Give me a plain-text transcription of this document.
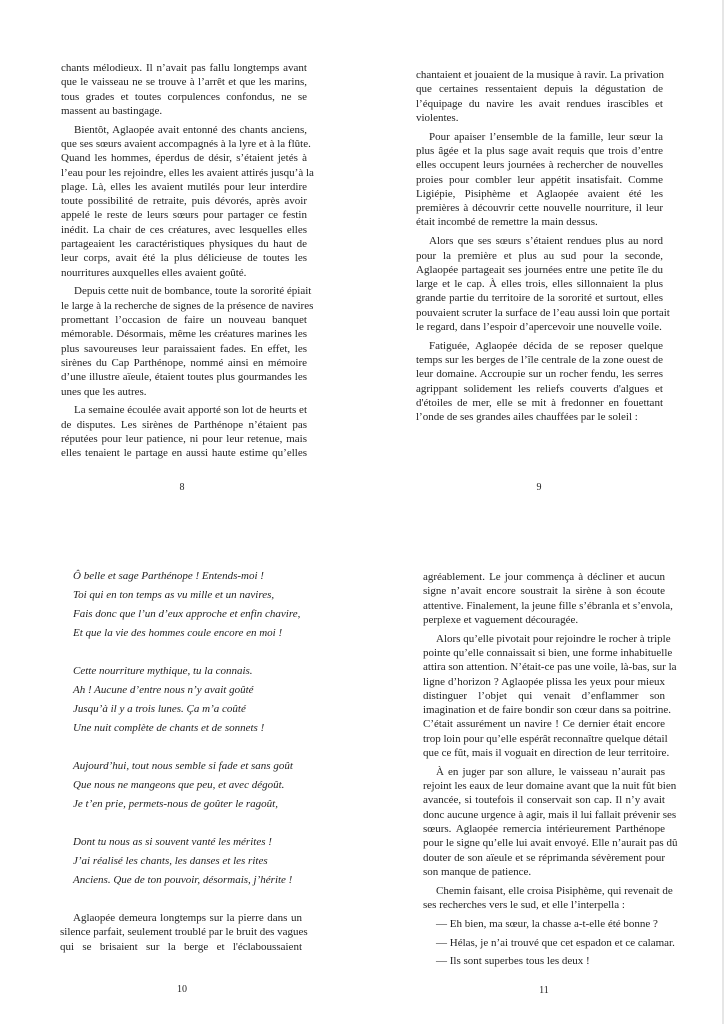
chants mélodieux. Il n’avait pas fallu longtemps avant
que le vaisseau ne se trouve à l’arrêt et que les marins,
tous grades et toutes corpulences confondus, ne se
massent au bastingage.
Bientôt, Aglaopée avait entonné des chants anciens,
que ses sœurs avaient accompagnés à la lyre et à la flûte.
Quand les hommes, éperdus de désir, s’étaient jetés à
l’eau pour les rejoindre, elles les avaient attirés jusqu’à la
plage. Là, elles les avaient mutilés pour leur interdire
toute possibilité de retraite, puis dévorés, après avoir
appelé le reste de leurs sœurs pour partager ce festin
inédit. La chair de ces créatures, avec lesquelles elles
partageaient les caractéristiques physiques du haut de
leur corps, avait été la plus délicieuse de toutes les
nourritures auxquelles elles avaient goûté.
Depuis cette nuit de bombance, toute la sororité épiait
le large à la recherche de signes de la présence de navires
promettant l’occasion de faire un nouveau banquet
mémorable. Désormais, même les créatures marines les
plus savoureuses leur paraissaient fades. En effet, les
sirènes du Cap Parthénope, nommé ainsi en mémoire
d’une illustre aïeule, étaient toutes plus gourmandes les
unes que les autres.
La semaine écoulée avait apporté son lot de heurts et
de disputes. Les sirènes de Parthénope n’étaient pas
réputées pour leur patience, ni pour leur retenue, mais
elles tenaient le partage en aussi haute estime qu’elles
8
chantaient et jouaient de la musique à ravir. La privation
que certaines ressentaient depuis la dégustation de
l’équipage du navire les avait rendues irascibles et
violentes.
Pour apaiser l’ensemble de la famille, leur sœur la
plus âgée et la plus sage avait requis que trois d’entre
elles occupent leurs journées à rechercher de nouvelles
proies pour combler leur appétit insatisfait. Comme
Ligiépie, Pisiphème et Aglaopée avaient été les
premières à découvrir cette nouvelle nourriture, il leur
était incombé de remettre la main dessus.
Alors que ses sœurs s’étaient rendues plus au nord
pour la première et plus au sud pour la seconde,
Aglaopée partageait ses journées entre une petite île du
large et le cap. À elles trois, elles sillonnaient la plus
grande partie du territoire de la sororité et surtout, elles
pouvaient scruter la surface de l’eau aussi loin que portait
le regard, dans l’espoir d’apercevoir une nouvelle voile.
Fatiguée, Aglaopée décida de se reposer quelque
temps sur les berges de l’île centrale de la zone ouest de
leur domaine. Accroupie sur un rocher fendu, les serres
agrippant solidement les reliefs couverts d'algues et
d'étoiles de mer, elle se mit à fredonner en fouettant
l’onde de ses grandes ailes chauffées par le soleil :
9
Ô belle et sage Parthénope ! Entends-moi !
Toi qui en ton temps as vu mille et un navires,
Fais donc que l’un d’eux approche et enfin chavire,
Et que la vie des hommes coule encore en moi !
Cette nourriture mythique, tu la connais.
Ah ! Aucune d’entre nous n’y avait goûté
Jusqu’à il y a trois lunes. Ça m’a coûté
Une nuit complète de chants et de sonnets !
Aujourd’hui, tout nous semble si fade et sans goût
Que nous ne mangeons que peu, et avec dégoût.
Je t’en prie, permets-nous de goûter le ragoût,
Dont tu nous as si souvent vanté les mérites !
J’ai réalisé les chants, les danses et les rites
Anciens. Que de ton pouvoir, désormais, j’hérite !
Aglaopée demeura longtemps sur la pierre dans un
silence parfait, seulement troublé par le bruit des vagues
qui se brisaient sur la berge et l'éclaboussaient
10
agréablement. Le jour commença à décliner et aucun
signe n’avait encore soustrait la sirène à son écoute
attentive. Finalement, la jeune fille s’ébranla et s’envola,
perplexe et vaguement découragée.
Alors qu’elle pivotait pour rejoindre le rocher à triple
pointe qu’elle connaissait si bien, une forme inhabituelle
attira son attention. N’était-ce pas une voile, là-bas, sur la
ligne d’horizon ? Aglaopée plissa les yeux pour mieux
distinguer l’objet qui venait d’enflammer son
imagination et de faire bondir son cœur dans sa poitrine.
C’était assurément un navire ! Ce dernier était encore
trop loin pour qu’elle espérât reconnaître quelque détail
que ce fût, mais il voguait en direction de leur territoire.
À en juger par son allure, le vaisseau n’aurait pas
rejoint les eaux de leur domaine avant que la nuit fût bien
avancée, si toutefois il conservait son cap. Il n’y avait
donc aucune urgence à agir, mais il lui fallait prévenir ses
sœurs. Aglaopée remercia intérieurement Parthénope
pour le signe qu’elle lui avait envoyé. Elle n’aurait pas dû
douter de son aïeule et se réprimanda sévèrement pour
son manque de patience.
Chemin faisant, elle croisa Pisiphème, qui revenait de
ses recherches vers le sud, et elle l’interpella :
— Eh bien, ma sœur, la chasse a-t-elle été bonne ?
— Hélas, je n’ai trouvé que cet espadon et ce calamar.
— Ils sont superbes tous les deux !
11
